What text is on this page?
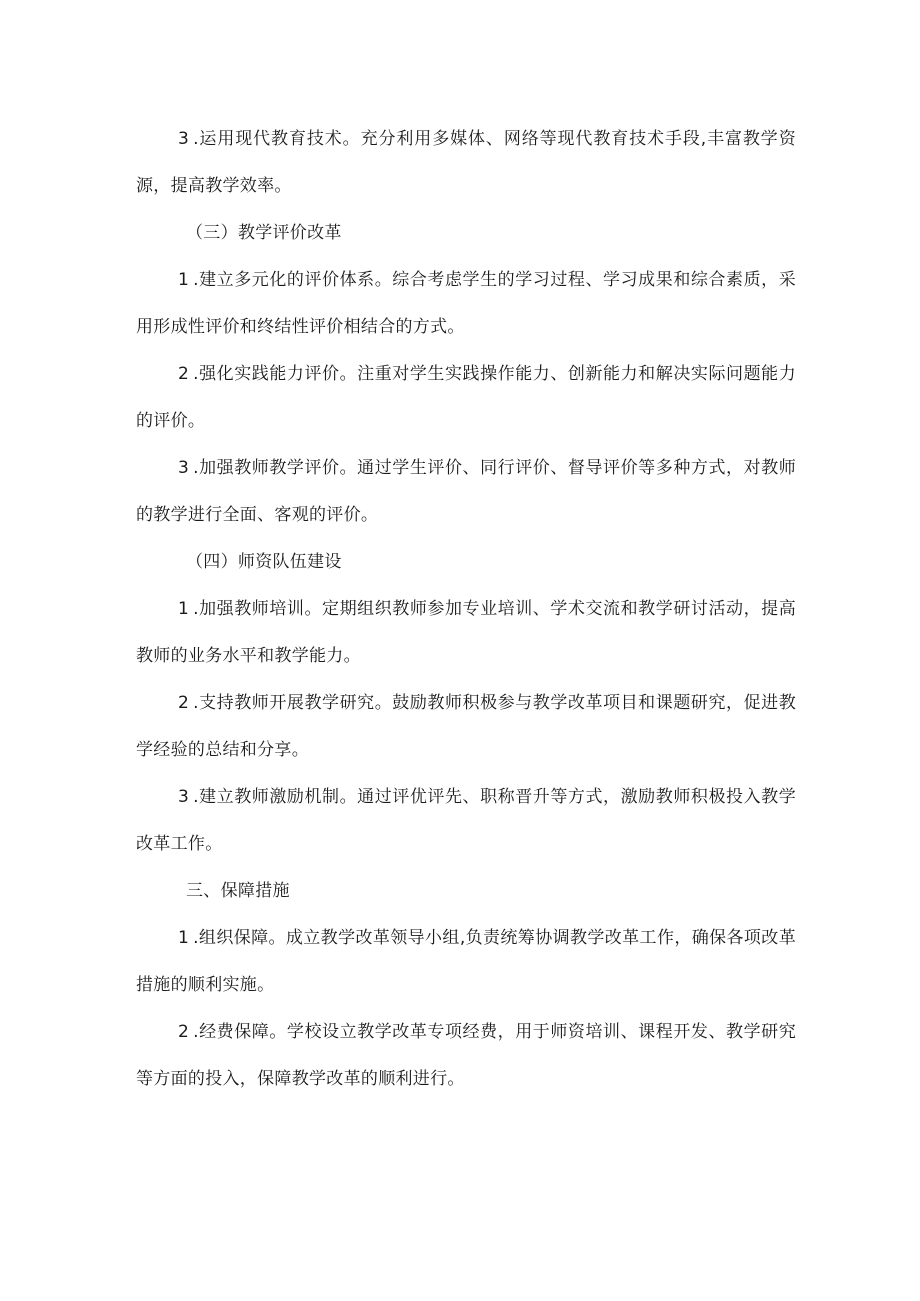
3 .运用现代教育技术。充分利用多媒体、网络等现代教育技术手段,丰富教学资源，提高教学效率。

（三）教学评价改革

1 .建立多元化的评价体系。综合考虑学生的学习过程、学习成果和综合素质，采用形成性评价和终结性评价相结合的方式。

2 .强化实践能力评价。注重对学生实践操作能力、创新能力和解决实际问题能力的评价。

3 .加强教师教学评价。通过学生评价、同行评价、督导评价等多种方式，对教师的教学进行全面、客观的评价。

（四）师资队伍建设

1 .加强教师培训。定期组织教师参加专业培训、学术交流和教学研讨活动，提高教师的业务水平和教学能力。

2 .支持教师开展教学研究。鼓励教师积极参与教学改革项目和课题研究，促进教学经验的总结和分享。

3 .建立教师激励机制。通过评优评先、职称晋升等方式，激励教师积极投入教学改革工作。

三、保障措施

1 .组织保障。成立教学改革领导小组,负责统筹协调教学改革工作，确保各项改革措施的顺利实施。

2 .经费保障。学校设立教学改革专项经费，用于师资培训、课程开发、教学研究等方面的投入，保障教学改革的顺利进行。
